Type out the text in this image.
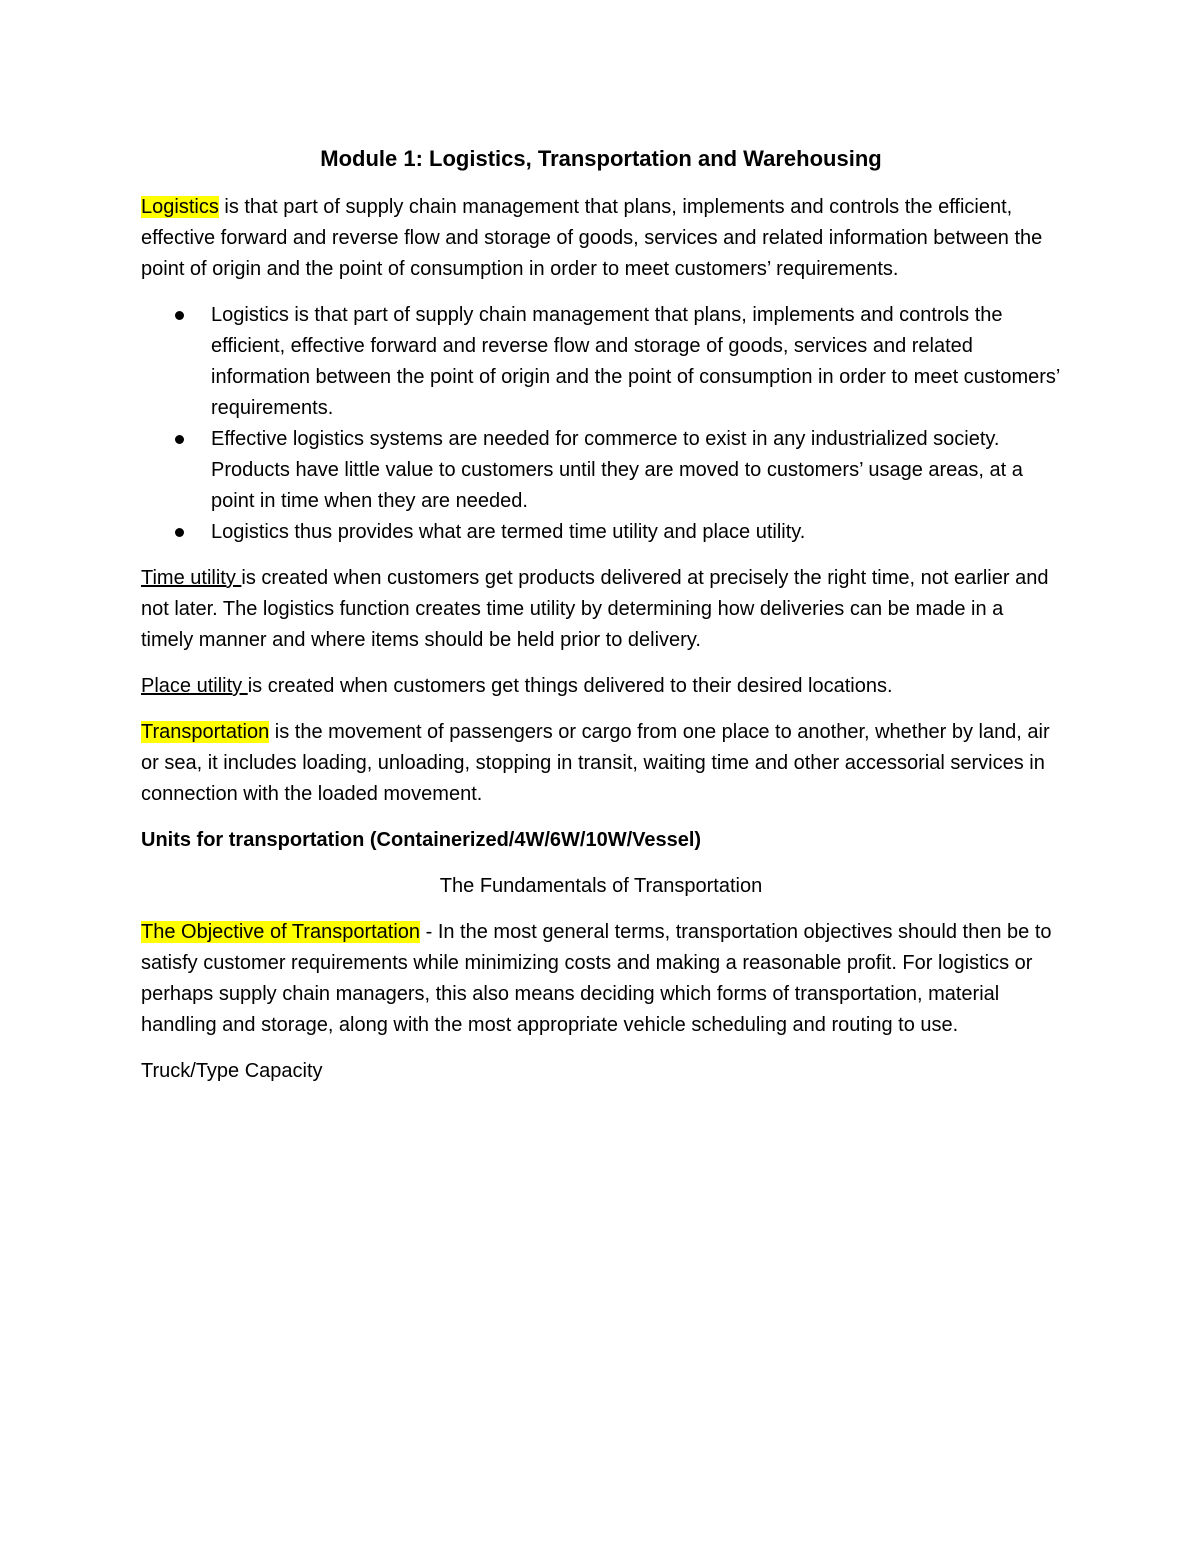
Module 1: Logistics, Transportation and Warehousing

Logistics is that part of supply chain management that plans, implements and controls the efficient, effective forward and reverse flow and storage of goods, services and related information between the point of origin and the point of consumption in order to meet customers’ requirements.

Logistics is that part of supply chain management that plans, implements and controls the efficient, effective forward and reverse flow and storage of goods, services and related information between the point of origin and the point of consumption in order to meet customers’ requirements.
Effective logistics systems are needed for commerce to exist in any industrialized society. Products have little value to customers until they are moved to customers’ usage areas, at a point in time when they are needed.
Logistics thus provides what are termed time utility and place utility.

Time utility is created when customers get products delivered at precisely the right time, not earlier and not later. The logistics function creates time utility by determining how deliveries can be made in a timely manner and where items should be held prior to delivery.

Place utility is created when customers get things delivered to their desired locations.

Transportation is the movement of passengers or cargo from one place to another, whether by land, air or sea, it includes loading, unloading, stopping in transit, waiting time and other accessorial services in connection with the loaded movement.

Units for transportation (Containerized/4W/6W/10W/Vessel)

The Fundamentals of Transportation

The Objective of Transportation - In the most general terms, transportation objectives should then be to satisfy customer requirements while minimizing costs and making a reasonable profit. For logistics or perhaps supply chain managers, this also means deciding which forms of transportation, material handling and storage, along with the most appropriate vehicle scheduling and routing to use.

Truck/Type Capacity
